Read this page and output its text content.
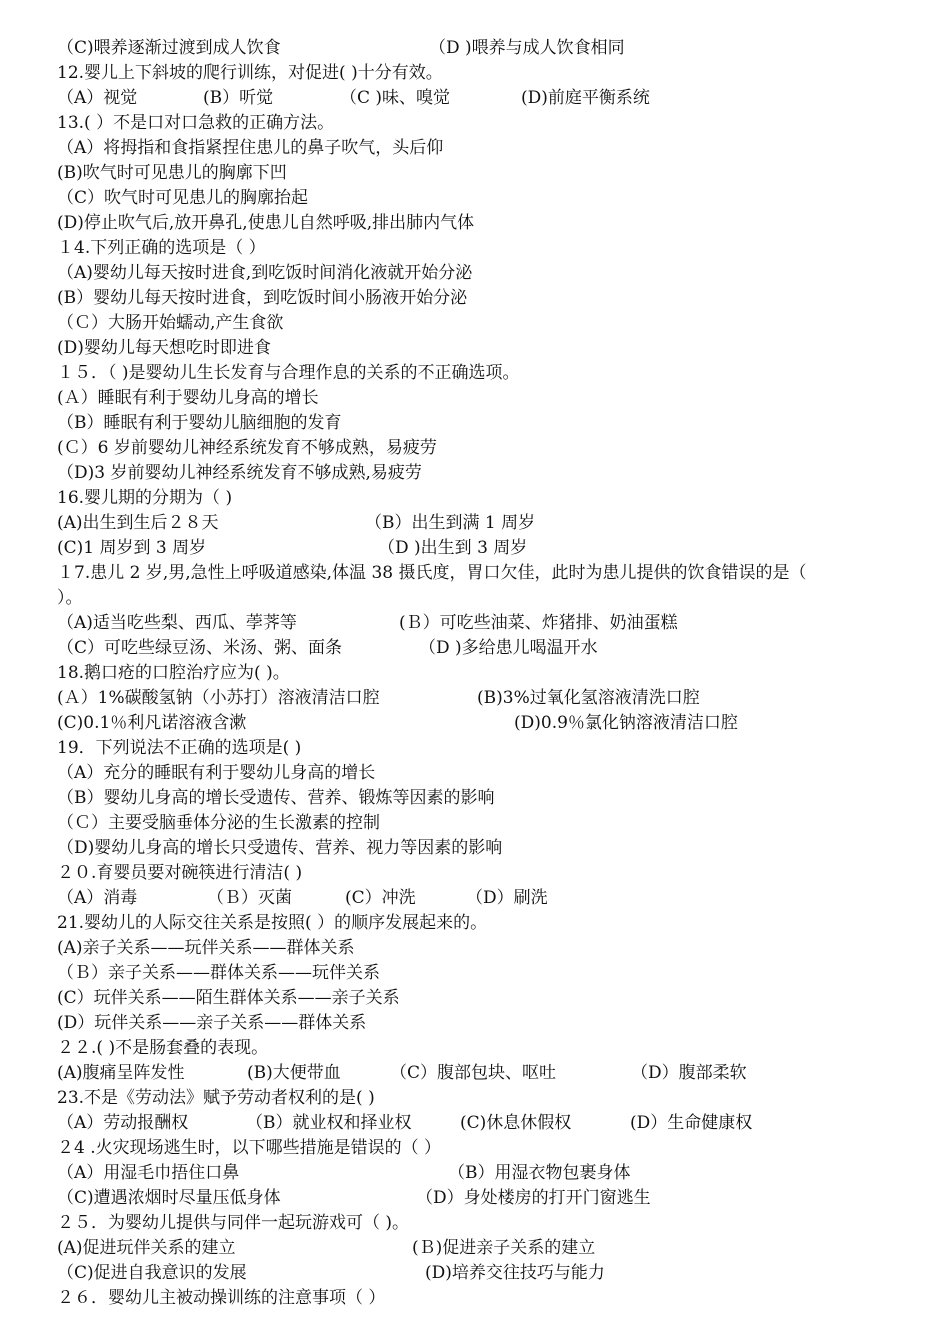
（C)喂养逐渐过渡到成人饮食	（D )喂养与成人饮食相同
12.婴儿上下斜坡的爬行训练，对促进( )十分有效。
（A）视觉	(B）听觉	（C )味、嗅觉	(D)前庭平衡系统
13.( ）不是口对口急救的正确方法。
（A）将拇指和食指紧捏住患儿的鼻子吹气，头后仰
(B)吹气时可见患儿的胸廓下凹
（C）吹气时可见患儿的胸廓抬起
(D)停止吹气后,放开鼻孔,使患儿自然呼吸,排出肺内气体
１4.下列正确的选项是（ ）
（A)婴幼儿每天按时进食,到吃饭时间消化液就开始分泌
(B）婴幼儿每天按时进食，到吃饭时间小肠液开始分泌
（Ｃ）大肠开始蠕动,产生食欲
(D)婴幼儿每天想吃时即进食
１５．（ )是婴幼儿生长发育与合理作息的关系的不正确选项。
(Ａ）睡眠有利于婴幼儿身高的增长
（B）睡眠有利于婴幼儿脑细胞的发育
(Ｃ）6 岁前婴幼儿神经系统发育不够成熟，易疲劳
（D)3 岁前婴幼儿神经系统发育不够成熟,易疲劳
16.婴儿期的分期为（ )
(A)出生到生后２８天	（B）出生到满 1 周岁
(C)1 周岁到 3 周岁	（D )出生到 3 周岁
１7.患儿 2 岁,男,急性上呼吸道感染,体温 38 摄氏度，胃口欠佳，此时为患儿提供的饮食错误的是（
）。
（A)适当吃些梨、西瓜、荸荠等	(Ｂ）可吃些油菜、炸猪排、奶油蛋糕
（C）可吃些绿豆汤、米汤、粥、面条	（D )多给患儿喝温开水
18.鹅口疮的口腔治疗应为( )。
(Ａ）1%碳酸氢钠（小苏打）溶液清洁口腔	(B)3%过氧化氢溶液清洗口腔
(C)0.1％利凡诺溶液含漱	(D)0.9％氯化钠溶液清洁口腔
19．下列说法不正确的选项是( )
（A）充分的睡眠有利于婴幼儿身高的增长
（B）婴幼儿身高的增长受遗传、营养、锻炼等因素的影响
（Ｃ）主要受脑垂体分泌的生长激素的控制
（D)婴幼儿身高的增长只受遗传、营养、视力等因素的影响
２０.育婴员要对碗筷进行清洁( )
（A）消毒	（Ｂ）灭菌	(C）冲洗	（D）刷洗
21.婴幼儿的人际交往关系是按照( ）的顺序发展起来的。
(A)亲子关系——玩伴关系——群体关系
（Ｂ）亲子关系——群体关系——玩伴关系
(C）玩伴关系——陌生群体关系——亲子关系
(D）玩伴关系——亲子关系——群体关系
２２.( )不是肠套叠的表现。
(A)腹痛呈阵发性	(B)大便带血	（C）腹部包块、呕吐	（D）腹部柔软
23.不是《劳动法》赋予劳动者权利的是( )
（A）劳动报酬权	（B）就业权和择业权	(C)休息休假权	(D）生命健康权
２4 .火灾现场逃生时，以下哪些措施是错误的（ ）
（A）用湿毛巾捂住口鼻	（B）用湿衣物包裹身体
（C)遭遇浓烟时尽量压低身体	（D）身处楼房的打开门窗逃生
２５．为婴幼儿提供与同伴一起玩游戏可（ )。
(A)促进玩伴关系的建立	(Ｂ)促进亲子关系的建立
（C)促进自我意识的发展	(D)培养交往技巧与能力
２６．婴幼儿主被动操训练的注意事项（ ）
